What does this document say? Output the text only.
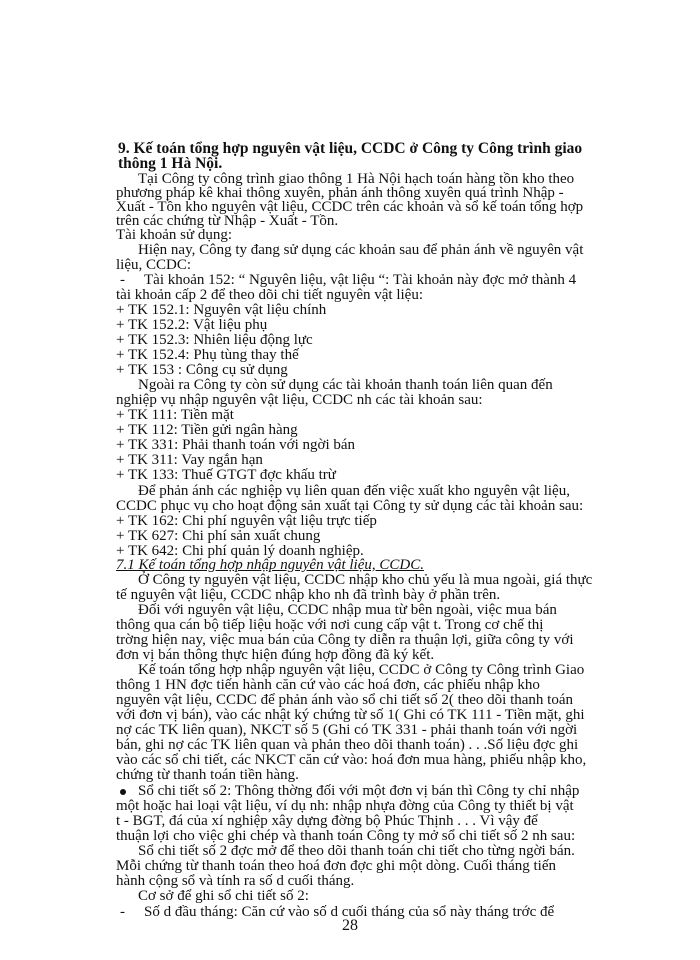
9. Kế toán tổng hợp nguyên vật liệu, CCDC ở Công ty Công trình giao
thông 1 Hà Nội.
Tại Công ty công trình giao thông 1 Hà Nội hạch toán hàng tồn kho theo
phương pháp kê khai thông xuyên, phản ánh thông xuyên quá trình Nhập -
Xuất - Tồn kho nguyên vật liệu, CCDC trên các khoản và sổ kế toán tổng hợp
trên các chứng từ Nhập - Xuất - Tồn.
Tài khoản sử dụng:
Hiện nay, Công ty đang sử dụng các khoản sau để phản ánh về nguyên vật
liệu, CCDC:
- Tài khoản 152: “ Nguyên liệu, vật liệu “: Tài khoản này đợc mở thành 4
tài khoản cấp 2 để theo dõi chi tiết nguyên vật liệu:
+ TK 152.1: Nguyên vật liệu chính
+ TK 152.2: Vật liệu phụ
+ TK 152.3: Nhiên liệu động lực
+ TK 152.4: Phụ tùng thay thế
+ TK 153 : Công cụ sử dụng
Ngoài ra Công ty còn sử dụng các tài khoản thanh toán liên quan đến
nghiệp vụ nhập nguyên vật liệu, CCDC nh các tài khoản sau:
+ TK 111: Tiền mặt
+ TK 112: Tiền gửi ngân hàng
+ TK 331: Phải thanh toán với ngời bán
+ TK 311: Vay ngắn hạn
+ TK 133: Thuế GTGT đợc khấu trừ
Để phản ánh các nghiệp vụ liên quan đến việc xuất kho nguyên vật liệu,
CCDC phục vụ cho hoạt động sản xuất tại Công ty sử dụng các tài khoản sau:
+ TK 162: Chi phí nguyên vật liệu trực tiếp
+ TK 627: Chi phí sản xuất chung
+ TK 642: Chi phí quản lý doanh nghiệp.
7.1 Kế toán tổng hợp nhập nguyên vật liệu, CCDC.
Ở Công ty nguyên vật liệu, CCDC nhập kho chủ yếu là mua ngoài, giá thực
tế nguyên vật liệu, CCDC nhập kho nh đã trình bày ở phần trên.
Đối với nguyên vật liệu, CCDC nhập mua từ bên ngoài, việc mua bán
thông qua cán bộ tiếp liệu hoặc với nơi cung cấp vật t. Trong cơ chế thị
trờng hiện nay, việc mua bán của Công ty diễn ra thuận lợi, giữa công ty với
đơn vị bán thông thực hiện đúng hợp đồng đã ký kết.
Kế toán tổng hợp nhập nguyên vật liệu, CCDC ở Công ty Công trình Giao
thông 1 HN đợc tiến hành căn cứ vào các hoá đơn, các phiếu nhập kho
nguyên vật liệu, CCDC để phản ánh vào sổ chi tiết số 2( theo dõi thanh toán
với đơn vị bán), vào các nhật ký chứng từ số 1( Ghi có TK 111 - Tiền mặt, ghi
nợ các TK liên quan), NKCT số 5 (Ghi có TK 331 - phải thanh toán với ngời
bán, ghi nợ các TK liên quan và phản theo dõi thanh toán) . . .Số liệu đợc ghi
vào các sổ chi tiết, các NKCT căn cứ vào: hoá đơn mua hàng, phiếu nhập kho,
chứng từ thanh toán tiền hàng.
Sổ chi tiết số 2: Thông thờng đối với một đơn vị bán thì Công ty chỉ nhập
một hoặc hai loại vật liệu, ví dụ nh: nhập nhựa đờng của Công ty thiết bị vật
t - BGT, đá của xí nghiệp xây dựng đờng bộ Phúc Thịnh . . . Vì vậy để
thuận lợi cho việc ghi chép và thanh toán Công ty mở sổ chi tiết số 2 nh sau:
Sổ chi tiết số 2 đợc mở để theo dõi thanh toán chi tiết cho từng ngời bán.
Mỗi chứng từ thanh toán theo hoá đơn đợc ghi một dòng. Cuối tháng tiến
hành cộng sổ và tính ra số d cuối tháng.
Cơ sở để ghi sổ chi tiết số 2:
- Số d đầu tháng: Căn cứ vào số d cuối tháng của sổ này tháng trớc để
28
